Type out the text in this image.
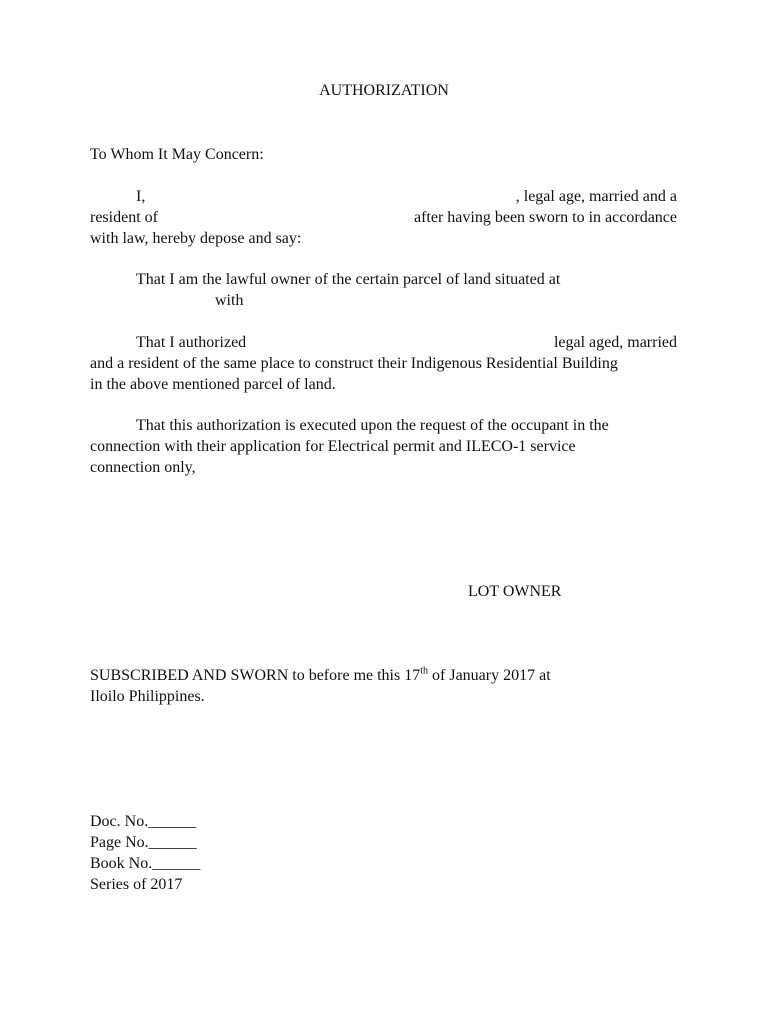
AUTHORIZATION
To Whom It May Concern:
I,	, legal age, married and a
resident of	after having been sworn to in accordance
with law, hereby depose and say:
That I am the lawful owner of the certain parcel of land situated at
with
That I authorized	legal aged, married
and a resident of the same place to construct their Indigenous Residential Building
in the above mentioned parcel of land.
That this authorization is executed upon the request of the occupant in the
connection with their application for Electrical permit and ILECO-1 service
connection only,
LOT OWNER
SUBSCRIBED AND SWORN to before me this 17th of January 2017 at
Iloilo Philippines.
Doc. No.______
Page No.______
Book No.______
Series of 2017
